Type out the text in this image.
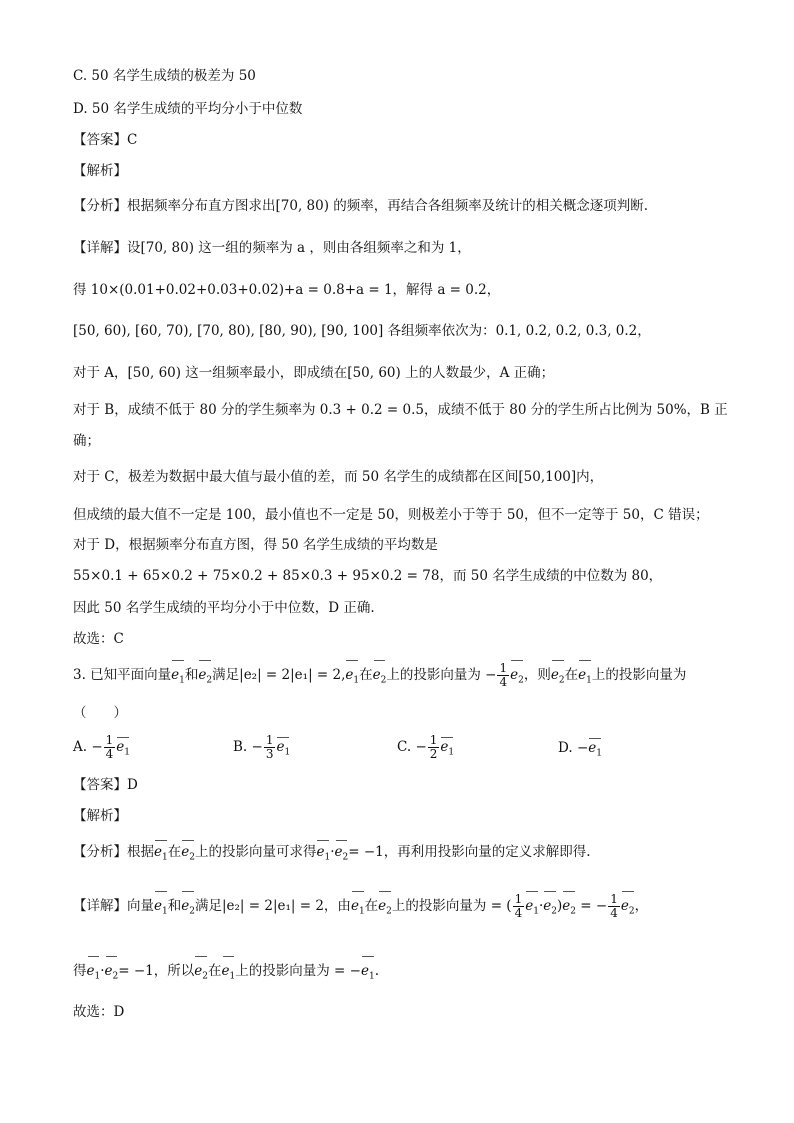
C. 50 名学生成绩的极差为 50
D. 50 名学生成绩的平均分小于中位数
【答案】C
【解析】
【分析】根据频率分布直方图求出[70, 80) 的频率，再结合各组频率及统计的相关概念逐项判断.
【详解】设[70, 80) 这一组的频率为 a ，则由各组频率之和为 1，
得 10×(0.01+0.02+0.03+0.02)+a = 0.8+a = 1，解得 a = 0.2，
[50, 60), [60, 70), [70, 80), [80, 90), [90, 100] 各组频率依次为：0.1, 0.2, 0.2, 0.3, 0.2，
对于 A，[50, 60) 这一组频率最小，即成绩在[50, 60) 上的人数最少，A 正确；
对于 B，成绩不低于 80 分的学生频率为 0.3 + 0.2 = 0.5，成绩不低于 80 分的学生所占比例为 50%，B 正
确；
对于 C，极差为数据中最大值与最小值的差，而 50 名学生的成绩都在区间[50,100]内，
但成绩的最大值不一定是 100，最小值也不一定是 50，则极差小于等于 50，但不一定等于 50，C 错误；
对于 D，根据频率分布直方图，得 50 名学生成绩的平均数是
55×0.1 + 65×0.2 + 75×0.2 + 85×0.3 + 95×0.2 = 78，而 50 名学生成绩的中位数为 80，
因此 50 名学生成绩的平均分小于中位数，D 正确.
故选：C
3. 已知平面向量$e_1$和$e_2$满足$|e_2| = 2|e_1| = 2,e_1$在$e_2$上的投影向量为 − $\frac{1}{4} e_2$，则$e_2$在$e_1$上的投影向量为
（　　）
A. − $\frac{1}{4} e_1$	B. − $\frac{1}{3} e_1$	C. − $\frac{1}{2} e_1$	D. $-e_1$
【答案】D
【解析】
【分析】根据$e_1$在$e_2$上的投影向量可求得$e_1\cdot e_2= -1$，再利用投影向量的定义求解即得.
【详解】向量$e_1$和$e_2$满足|e₂| = 2|e₁| = 2，由$e_1$在$e_2$上的投影向量为 = ( $\frac{1}{4} e_1\cdot e_2)e_2$ = − $\frac{1}{4} e_2$，
得$e_1\cdot e_2= -1$，所以$e_2$在$e_1$上的投影向量为 = $-e_1$.
故选：D
